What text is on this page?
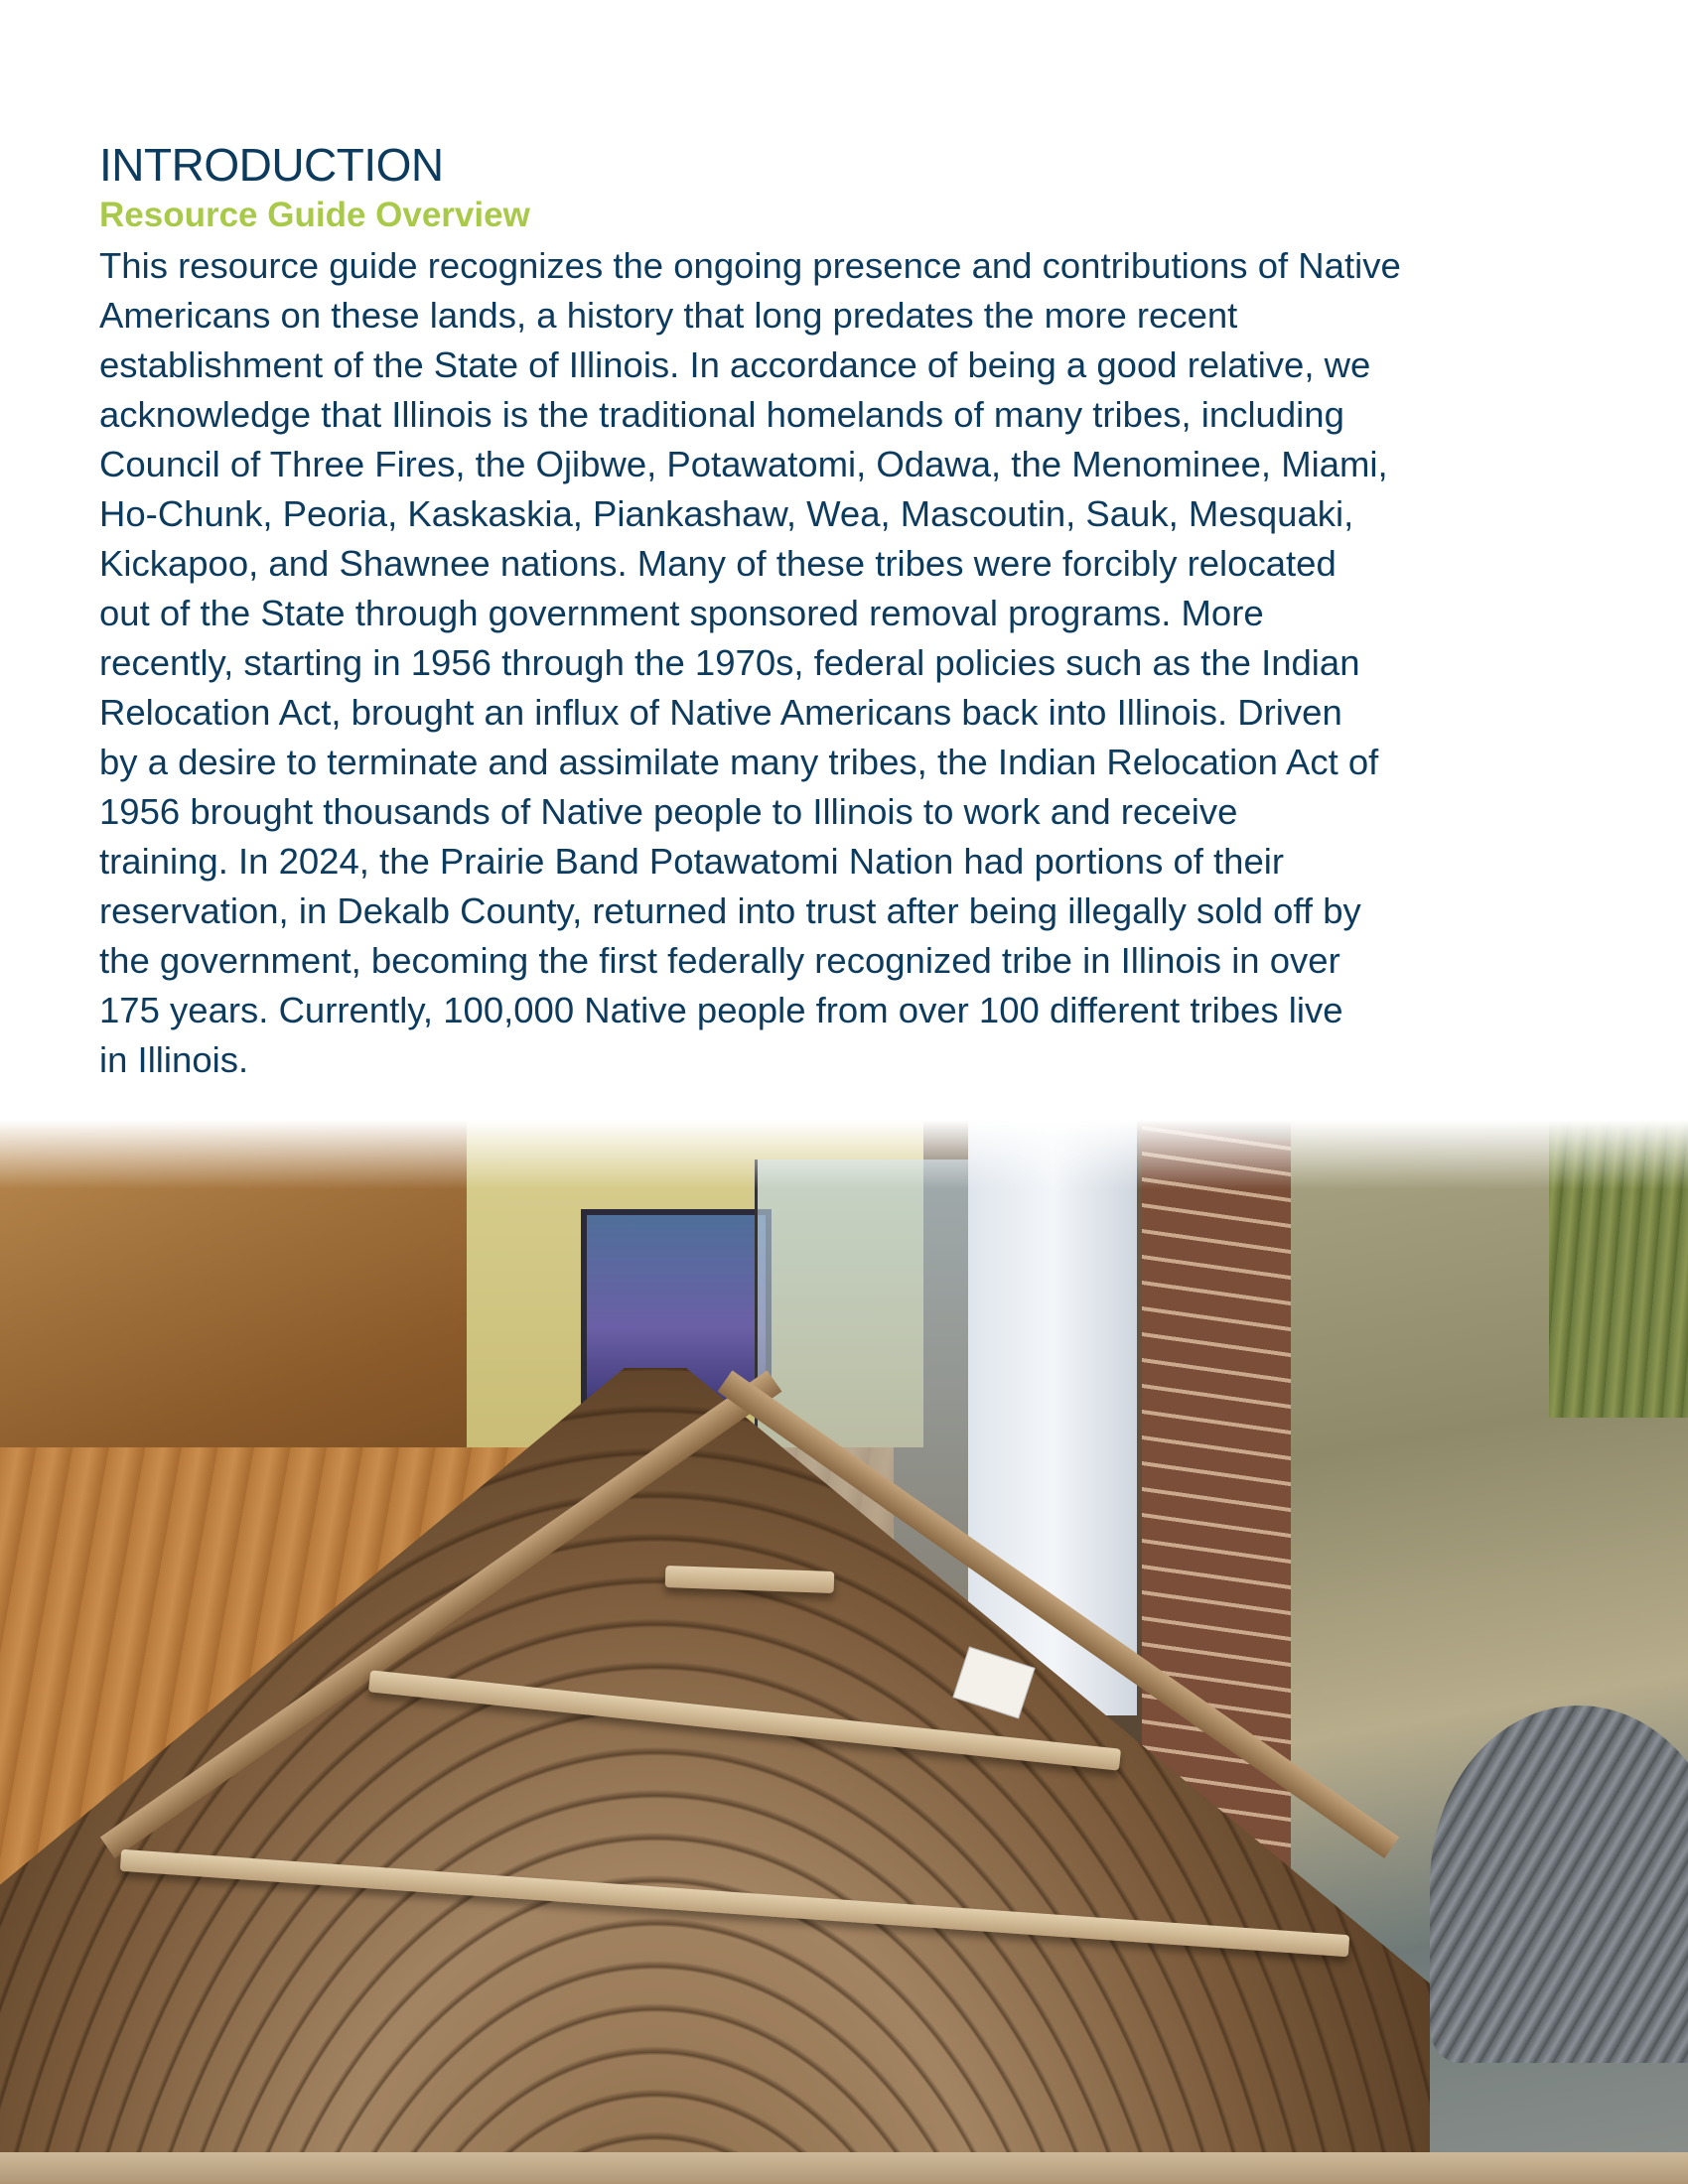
INTRODUCTION
Resource Guide Overview
This resource guide recognizes the ongoing presence and contributions of Native
Americans on these lands, a history that long predates the more recent
establishment of the State of Illinois. In accordance of being a good relative, we
acknowledge that Illinois is the traditional homelands of many tribes, including
Council of Three Fires, the Ojibwe, Potawatomi, Odawa, the Menominee, Miami,
Ho-Chunk, Peoria, Kaskaskia, Piankashaw, Wea, Mascoutin, Sauk, Mesquaki,
Kickapoo, and Shawnee nations. Many of these tribes were forcibly relocated
out of the State through government sponsored removal programs. More
recently, starting in 1956 through the 1970s, federal policies such as the Indian
Relocation Act, brought an influx of Native Americans back into Illinois. Driven
by a desire to terminate and assimilate many tribes, the Indian Relocation Act of
1956 brought thousands of Native people to Illinois to work and receive
training. In 2024, the Prairie Band Potawatomi Nation had portions of their
reservation, in Dekalb County, returned into trust after being illegally sold off by
the government, becoming the first federally recognized tribe in Illinois in over
175 years. Currently, 100,000 Native people from over 100 different tribes live
in Illinois.
